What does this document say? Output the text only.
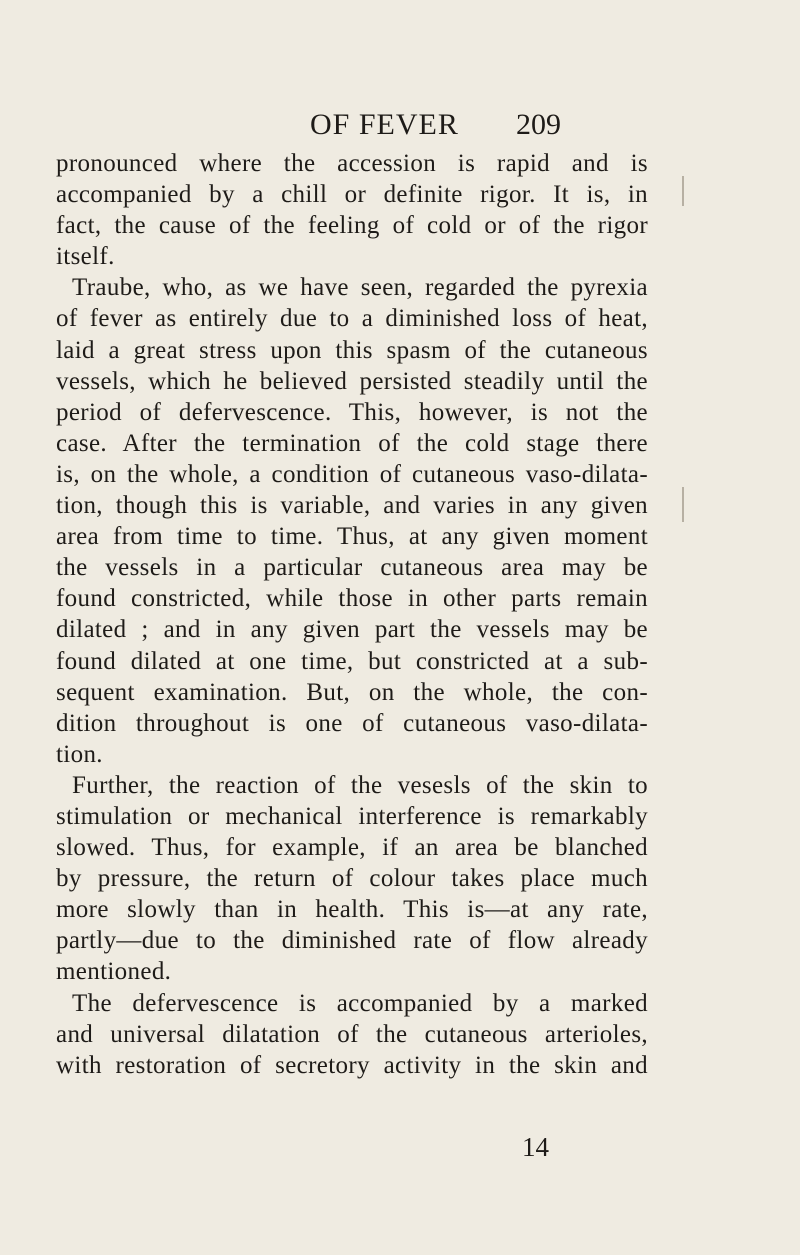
OF FEVER 209
pronounced where the accession is rapid and is
accompanied by a chill or definite rigor. It is, in
fact, the cause of the feeling of cold or of the rigor
itself.
Traube, who, as we have seen, regarded the pyrexia
of fever as entirely due to a diminished loss of heat,
laid a great stress upon this spasm of the cutaneous
vessels, which he believed persisted steadily until the
period of defervescence. This, however, is not the
case. After the termination of the cold stage there
is, on the whole, a condition of cutaneous vaso-dilata-
tion, though this is variable, and varies in any given
area from time to time. Thus, at any given moment
the vessels in a particular cutaneous area may be
found constricted, while those in other parts remain
dilated ; and in any given part the vessels may be
found dilated at one time, but constricted at a sub-
sequent examination. But, on the whole, the con-
dition throughout is one of cutaneous vaso-dilata-
tion.
Further, the reaction of the vesesls of the skin to
stimulation or mechanical interference is remarkably
slowed. Thus, for example, if an area be blanched
by pressure, the return of colour takes place much
more slowly than in health. This is—at any rate,
partly—due to the diminished rate of flow already
mentioned.
The defervescence is accompanied by a marked
and universal dilatation of the cutaneous arterioles,
with restoration of secretory activity in the skin and
14
